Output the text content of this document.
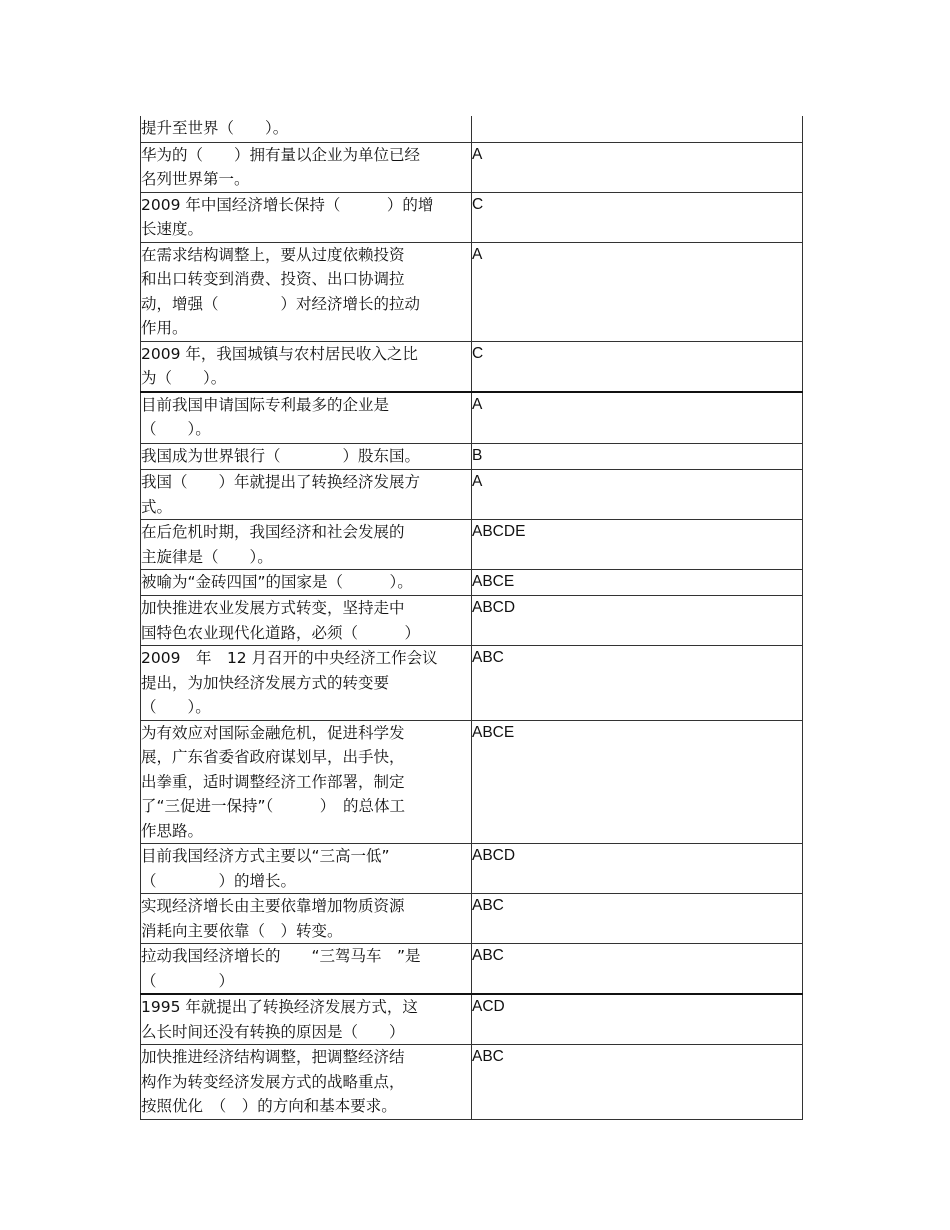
提升至世界（　　）。	

华为的（　　）拥有量以企业为单位已经
名列世界第一。	A

2009 年中国经济增长保持（　　　）的增
长速度。	C

在需求结构调整上，要从过度依赖投资
和出口转变到消费、投资、出口协调拉
动，增强（　　　　）对经济增长的拉动
作用。	A

2009 年，我国城镇与农村居民收入之比
为（　　）。	C

目前我国申请国际专利最多的企业是
（　　）。	A

我国成为世界银行（　　　　）股东国。	B

我国（　　）年就提出了转换经济发展方
式。	A

在后危机时期，我国经济和社会发展的
主旋律是（　　）。	ABCDE

被喻为“金砖四国”的国家是（　　　）。	ABCE

加快推进农业发展方式转变，坚持走中
国特色农业现代化道路，必须（　　　）	ABCD

2009　年　12 月召开的中央经济工作会议
提出，为加快经济发展方式的转变要
（　　）。	ABC

为有效应对国际金融危机，促进科学发
展，广东省委省政府谋划早，出手快，
出拳重，适时调整经济工作部署，制定
了“三促进一保持”（　　　）　的总体工
作思路。	ABCE

目前我国经济方式主要以“三高一低”
（　　　　）的增长。	ABCD

实现经济增长由主要依靠增加物质资源
消耗向主要依靠（　）转变。	ABC

拉动我国经济增长的　　“三驾马车　”是
（　　　　）	ABC

1995 年就提出了转换经济发展方式，这
么长时间还没有转换的原因是（　　）	ACD

加快推进经济结构调整，把调整经济结
构作为转变经济发展方式的战略重点，
按照优化　（　）的方向和基本要求。	ABC
